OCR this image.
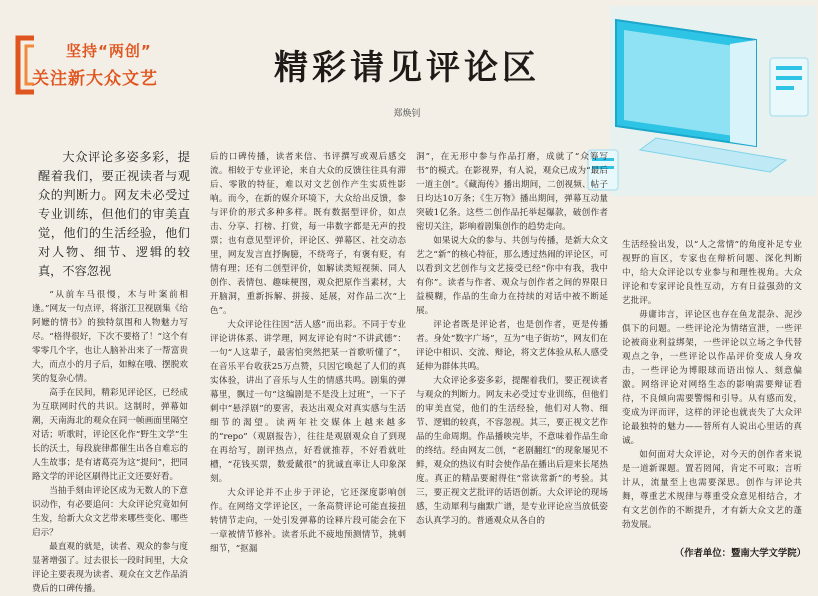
坚持“两创”
关注新大众文艺	精彩请见评论区
郑焕钊

大众评论多姿多彩，提醒着我们，要正视读者与观众的判断力。网友未必受过专业训练，但他们的审美直觉，他们的生活经验，他们对人物、细节、逻辑的较真，不容忽视

“从前车马很慢，木与叶案前相逢。”网友一句点评，将浙江卫视剧集《给阿嬷的情书》的独特氛围和人物魅力写尽。“格得很好，下次不要格了！”这个有零零几个字，也让人脑补出来了一帮富贵大，而点小的月子后，如鲸在哦、摆脱欢笑的复杂心情。

高手在民间，精彩见评论区，已经成为互联网时代的共识。这制时，弹幕如潮，天南海北的观众在同一帧画面里隔空对话；听歌时，评论区化作“野生文学”生长的沃土，每段旋律都催生出各自难忘的人生故事；是有诸葛亮为这“提问”，把同路文学的评论区刷得比正文还要好看。

当抽手刻由评论区成为无数人的下意识动作，有必要追问：大众评论究竟如何生发，给新大众文艺带来哪些变化、哪些启示？

最直观的就是，读者、观众的参与度显著增强了。过去很长一段时间里，大众评论主要表现为读者、观众在文艺作品消费后的口碑传播。

后的口碑传播，读者来信、书评撰写或观后感交流。相较于专业评论，来自大众的反馈往往具有滞后、零散的特征，难以对文艺创作产生实质性影响。而今，在新的媒介环境下，大众给出反馈，参与评价的形式多种多样。既有数据型评价，如点击、分享、打榜、打赏，每一串数字都是无声的投票；也有意见型评价，评论区、弹幕区、社交动态里，网友发言直抒胸臆，不绕弯子，有褒有贬，有情有理；还有二创型评价，如解读类短视频、同人创作、表情包、趣味梗图，观众把原作当素材，大开脑洞，重新拆解、拼接、延展，对作品二次“上色”。

大众评论往往因“活人感”而出彩。不同于专业评论讲体系、讲学理，网友评论有时“不讲武德”：一句“人这辈子，最害怕突然把某一首歌听懂了”，在音乐平台收获25万点赞，只因它唤起了人们的真实体验，讲出了音乐与人生的情感共鸣。剧集的弹幕里，飘过一句“这编剧是不是没上过班”，一下子刺中“悬浮剧”的要害，表达出观众对真实感与生活细节的渴望。读两年社交媒体上越来越多的“repo”（观剧报告），往往是观剧观众自了到现在再给写，剧评热点，好看就推荐，不好看就吐槽，“花钱买票，数爱戴很”的犹诚直率让人印象深刻。

大众评论并不止步于评论，它还深度影响创作。在网络文学评论区，一条高赞评论可能直接扭转情节走向，一处引发弹幕的诠释片段可能会在下一章被情节修补。读者乐此不疲地预测情节，挑刺细节，“抠漏

洞”，在无形中参与作品打磨，成就了“众筹写书”的模式。在影视界，有人说，观众已成为“最后一道主创”。《藏海传》播出期间，二创视频、帖子日均达10万条；《生万物》播出期间，弹幕互动量突破1亿条。这些二创作品托举起爆款，破创作者密切关注，影响着剧集创作的趋势走向。

如果说大众的参与、共创与传播，是新大众文艺之“新”的核心特征，那么透过热闹的评论区，可以看到文艺创作与文艺接受已经“你中有我，我中有你”。读者与作者、观众与创作者之间的界限日益模糊，作品的生命力在持续的对话中被不断延展。

评论者既是评论者，也是创作者，更是传播者。身处“数字广场”，互为“电子街坊”，网友们在评论中相识、交流、辩论，将文艺体验从私人感受延伸为群体共鸣。

大众评论多姿多彩，提醒着我们，要正视读者与观众的判断力。网友未必受过专业训练，但他们的审美直觉，他们的生活经验，他们对人物、细节、逻辑的较真，不容忽视。其三，要正视文艺作品的生命周期。作品播映完毕，不意味着作品生命的终结。经由网友二创，“老剧翻红”的现象屡见不鲜，观众的热议有时会使作品在播出后迎来长尾热度。真正的精品要耐得住“常读常新”的考验。其三，要正视文艺批评的话语创新。大众评论的现场感，生动犀利与幽默广谱，是专业评论应当放低姿态认真学习的。普通观众从各自的

生活经验出发，以“人之常情”的角度补足专业视野的盲区，专家也在辩析问题、深化判断中，给大众评论以专业参与和理性视角。大众评论和专家评论良性互动，方有日益强劲的文艺批评。

毋庸讳言，评论区也存在鱼龙混杂、泥沙俱下的问题。一些评论沦为情绪宣泄，一些评论被商业利益绑架，一些评论以立场之争代替观点之争，一些评论以作品评价变成人身攻击，一些评论为博眼球而语出惊人、刻意偏激。网络评论对网络生态的影响需要辩证看待，不良倾向需要警惕和引导。从有感而发，变成为评而评，这样的评论也就丧失了大众评论最独特的魅力——替所有人说出心里话的真诚。

如何面对大众评论，对今天的创作者来说是一道新课题。置若罔闻，肯定不可取；言听计从，流量至上也需要深思。创作与评论共舞，尊重艺术规律与尊重受众意见相结合，才有文艺创作的不断提升，才有新大众文艺的蓬勃发展。

（作者单位：暨南大学文学院）
